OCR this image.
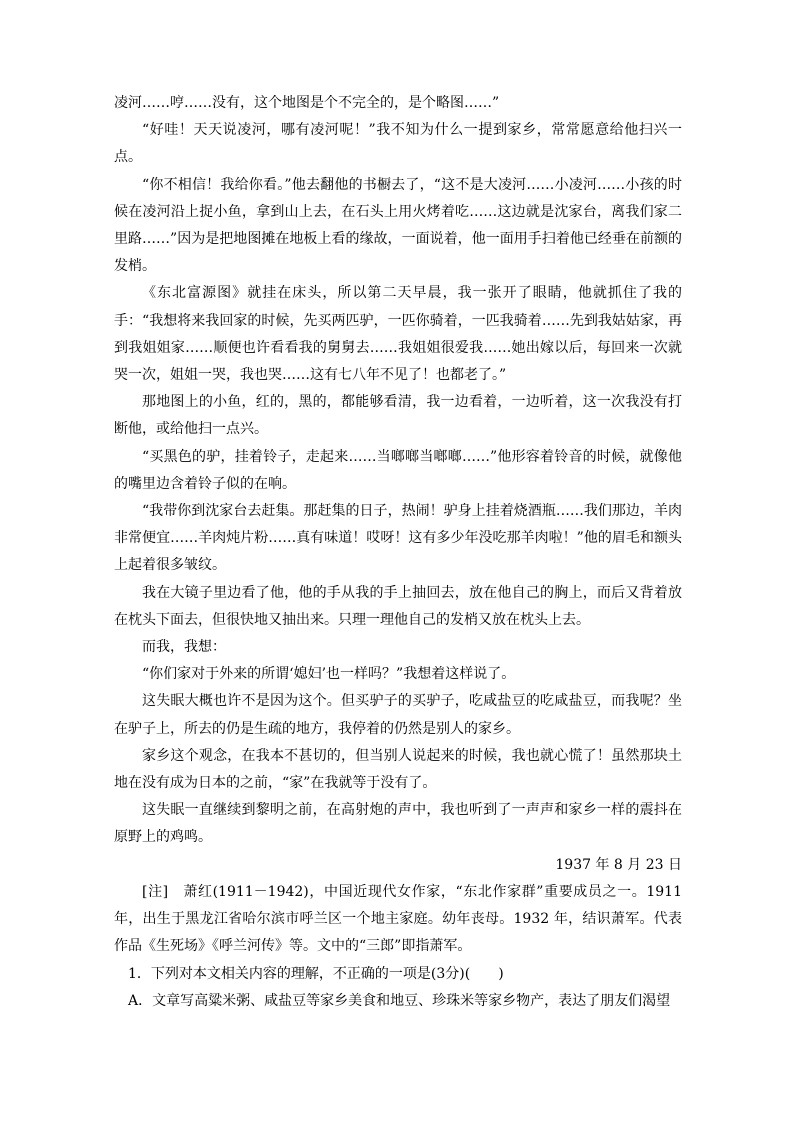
凌河……哼……没有，这个地图是个不完全的，是个略图……”

“好哇！天天说凌河，哪有凌河呢！”我不知为什么一提到家乡，常常愿意给他扫兴一点。

“你不相信！我给你看。”他去翻他的书橱去了，“这不是大凌河……小凌河……小孩的时候在凌河沿上捉小鱼，拿到山上去，在石头上用火烤着吃……这边就是沈家台，离我们家二里路……”因为是把地图摊在地板上看的缘故，一面说着，他一面用手扫着他已经垂在前额的发梢。

《东北富源图》就挂在床头，所以第二天早晨，我一张开了眼睛，他就抓住了我的手：“我想将来我回家的时候，先买两匹驴，一匹你骑着，一匹我骑着……先到我姑姑家，再到我姐姐家……顺便也许看看我的舅舅去……我姐姐很爱我……她出嫁以后，每回来一次就哭一次，姐姐一哭，我也哭……这有七八年不见了！也都老了。”

那地图上的小鱼，红的，黑的，都能够看清，我一边看着，一边听着，这一次我没有打断他，或给他扫一点兴。

“买黑色的驴，挂着铃子，走起来……当啷啷当啷啷……”他形容着铃音的时候，就像他的嘴里边含着铃子似的在响。

“我带你到沈家台去赶集。那赶集的日子，热闹！驴身上挂着烧酒瓶……我们那边，羊肉非常便宜……羊肉炖片粉……真有味道！哎呀！这有多少年没吃那羊肉啦！”他的眉毛和额头上起着很多皱纹。

我在大镜子里边看了他，他的手从我的手上抽回去，放在他自己的胸上，而后又背着放在枕头下面去，但很快地又抽出来。只理一理他自己的发梢又放在枕头上去。

而我，我想：

“你们家对于外来的所谓‘媳妇’也一样吗？”我想着这样说了。

这失眠大概也许不是因为这个。但买驴子的买驴子，吃咸盐豆的吃咸盐豆，而我呢？坐在驴子上，所去的仍是生疏的地方，我停着的仍然是别人的家乡。

家乡这个观念，在我本不甚切的，但当别人说起来的时候，我也就心慌了！虽然那块土地在没有成为日本的之前，“家”在我就等于没有了。

这失眠一直继续到黎明之前，在高射炮的声中，我也听到了一声声和家乡一样的震抖在原野上的鸡鸣。

1937 年 8 月 23 日

[注]　萧红(1911－1942)，中国近现代女作家，“东北作家群”重要成员之一。1911 年，出生于黑龙江省哈尔滨市呼兰区一个地主家庭。幼年丧母。1932 年，结识萧军。代表作品《生死场》《呼兰河传》等。文中的“三郎”即指萧军。

1．下列对本文相关内容的理解，不正确的一项是(3分)(　　)

A．文章写高粱米粥、咸盐豆等家乡美食和地豆、珍珠米等家乡物产，表达了朋友们渴望
